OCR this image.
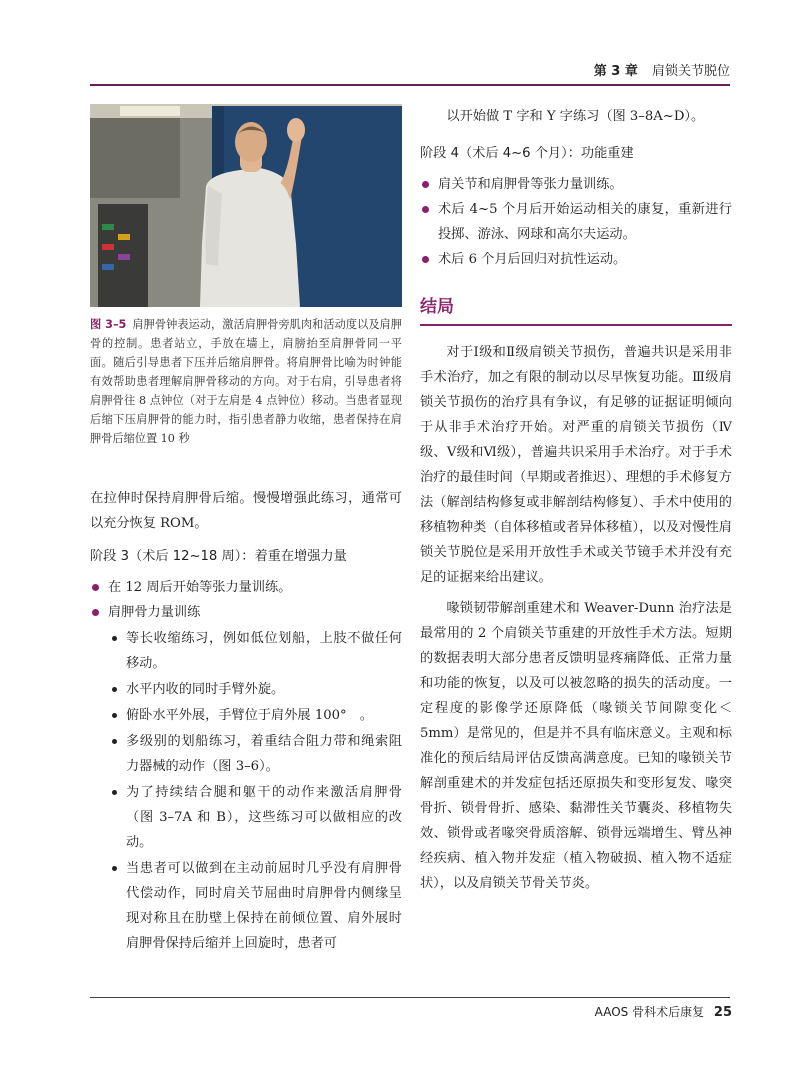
第 3 章 肩锁关节脱位
图 3–5 肩胛骨钟表运动，激活肩胛骨旁肌肉和活动度以及肩胛骨的控制。患者站立，手放在墙上，肩膀抬至肩胛骨同一平面。随后引导患者下压并后缩肩胛骨。将肩胛骨比喻为时钟能有效帮助患者理解肩胛骨移动的方向。对于右肩，引导患者将肩胛骨往 8 点钟位（对于左肩是 4 点钟位）移动。当患者显现后缩下压肩胛骨的能力时，指引患者静力收缩，患者保持在肩胛骨后缩位置 10 秒

在拉伸时保持肩胛骨后缩。慢慢增强此练习，通常可以充分恢复 ROM。

阶段 3（术后 12~18 周）：着重在增强力量
在 12 周后开始等张力量训练。
肩胛骨力量训练
等长收缩练习，例如低位划船，上肢不做任何移动。
水平内收的同时手臂外旋。
俯卧水平外展，手臂位于肩外展 100°　。
多级别的划船练习，着重结合阻力带和绳索阻力器械的动作（图 3–6）。
为了持续结合腿和躯干的动作来激活肩胛骨（图 3–7A 和 B），这些练习可以做相应的改动。
当患者可以做到在主动前屈时几乎没有肩胛骨代偿动作，同时肩关节屈曲时肩胛骨内侧缘呈现对称且在肋壁上保持在前倾位置、肩外展时肩胛骨保持后缩并上回旋时，患者可

以开始做 T 字和 Y 字练习（图 3–8A~D）。

阶段 4（术后 4~6 个月）：功能重建
肩关节和肩胛骨等张力量训练。
术后 4~5 个月后开始运动相关的康复，重新进行投掷、游泳、网球和高尔夫运动。
术后 6 个月后回归对抗性运动。
结局

对于Ⅰ级和Ⅱ级肩锁关节损伤，普遍共识是采用非手术治疗，加之有限的制动以尽早恢复功能。Ⅲ级肩锁关节损伤的治疗具有争议，有足够的证据证明倾向于从非手术治疗开始。对严重的肩锁关节损伤（Ⅳ级、Ⅴ级和Ⅵ级），普遍共识采用手术治疗。对于手术治疗的最佳时间（早期或者推迟）、理想的手术修复方法（解剖结构修复或非解剖结构修复）、手术中使用的移植物种类（自体移植或者异体移植），以及对慢性肩锁关节脱位是采用开放性手术或关节镜手术并没有充足的证据来给出建议。

喙锁韧带解剖重建术和 Weaver-Dunn 治疗法是最常用的 2 个肩锁关节重建的开放性手术方法。短期的数据表明大部分患者反馈明显疼痛降低、正常力量和功能的恢复，以及可以被忽略的损失的活动度。一定程度的影像学还原降低（喙锁关节间隙变化＜ 5mm）是常见的，但是并不具有临床意义。主观和标准化的预后结局评估反馈高满意度。已知的喙锁关节解剖重建术的并发症包括还原损失和变形复发、喙突骨折、锁骨骨折、感染、黏滞性关节囊炎、移植物失效、锁骨或者喙突骨质溶解、锁骨远端增生、臂丛神经疾病、植入物并发症（植入物破损、植入物不适症状），以及肩锁关节骨关节炎。

AAOS 骨科术后康复 25
